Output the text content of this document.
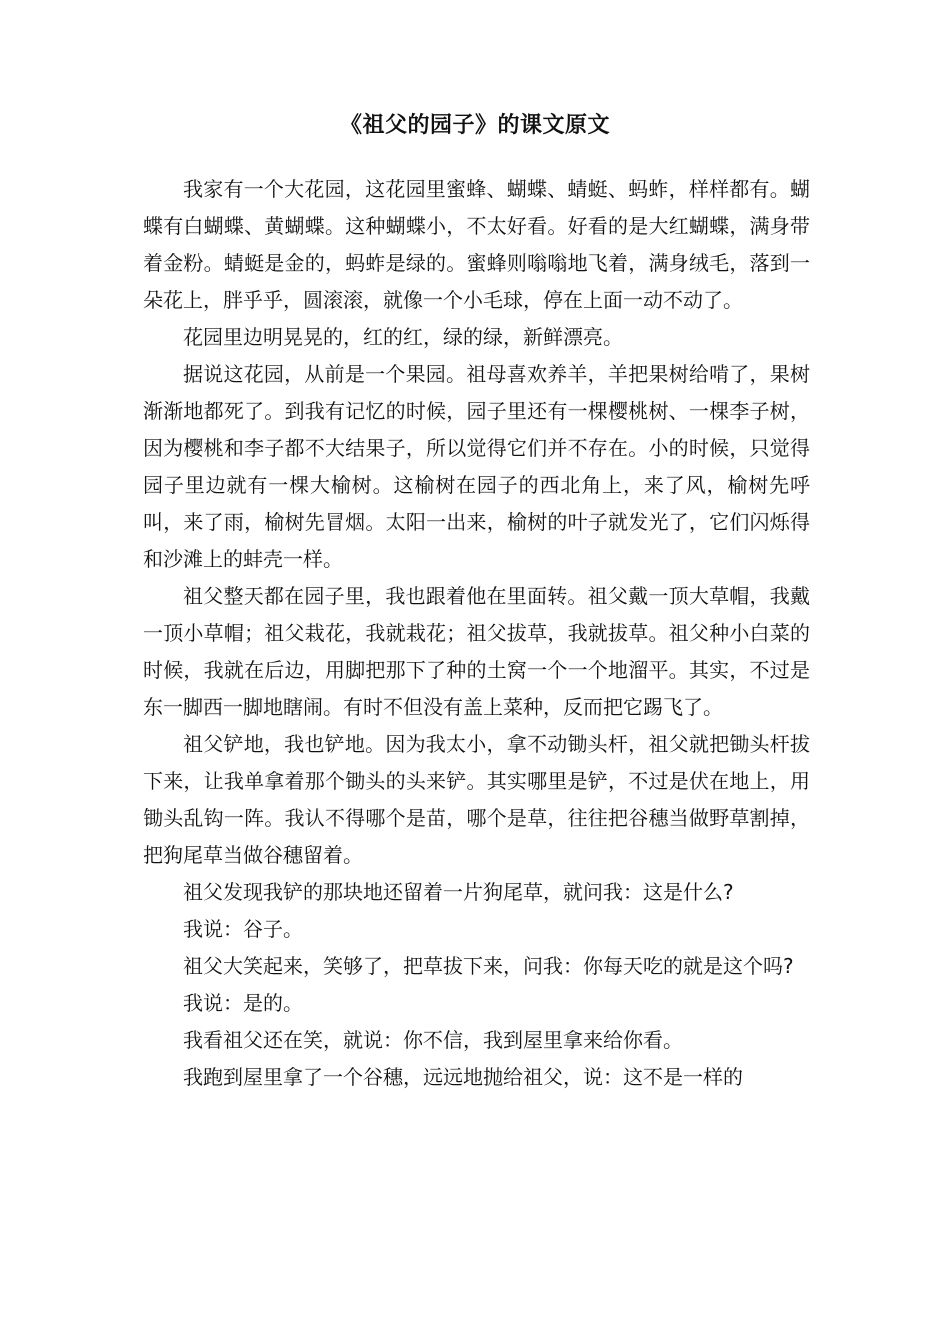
《祖父的园子》的课文原文

我家有一个大花园，这花园里蜜蜂、蝴蝶、蜻蜓、蚂蚱，样样都有。蝴蝶有白蝴蝶、黄蝴蝶。这种蝴蝶小，不太好看。好看的是大红蝴蝶，满身带着金粉。蜻蜓是金的，蚂蚱是绿的。蜜蜂则嗡嗡地飞着，满身绒毛，落到一朵花上，胖乎乎，圆滚滚，就像一个小毛球，停在上面一动不动了。

花园里边明晃晃的，红的红，绿的绿，新鲜漂亮。

据说这花园，从前是一个果园。祖母喜欢养羊，羊把果树给啃了，果树渐渐地都死了。到我有记忆的时候，园子里还有一棵樱桃树、一棵李子树，因为樱桃和李子都不大结果子，所以觉得它们并不存在。小的时候，只觉得园子里边就有一棵大榆树。这榆树在园子的西北角上，来了风，榆树先呼叫，来了雨，榆树先冒烟。太阳一出来，榆树的叶子就发光了，它们闪烁得和沙滩上的蚌壳一样。

祖父整天都在园子里，我也跟着他在里面转。祖父戴一顶大草帽，我戴一顶小草帽；祖父栽花，我就栽花；祖父拔草，我就拔草。祖父种小白菜的时候，我就在后边，用脚把那下了种的土窝一个一个地溜平。其实，不过是东一脚西一脚地瞎闹。有时不但没有盖上菜种，反而把它踢飞了。

祖父铲地，我也铲地。因为我太小，拿不动锄头杆，祖父就把锄头杆拔下来，让我单拿着那个锄头的头来铲。其实哪里是铲，不过是伏在地上，用锄头乱钩一阵。我认不得哪个是苗，哪个是草，往往把谷穗当做野草割掉，把狗尾草当做谷穗留着。

祖父发现我铲的那块地还留着一片狗尾草，就问我：这是什么?

我说：谷子。

祖父大笑起来，笑够了，把草拔下来，问我：你每天吃的就是这个吗?

我说：是的。

我看祖父还在笑，就说：你不信，我到屋里拿来给你看。

我跑到屋里拿了一个谷穗，远远地抛给祖父，说：这不是一样的
